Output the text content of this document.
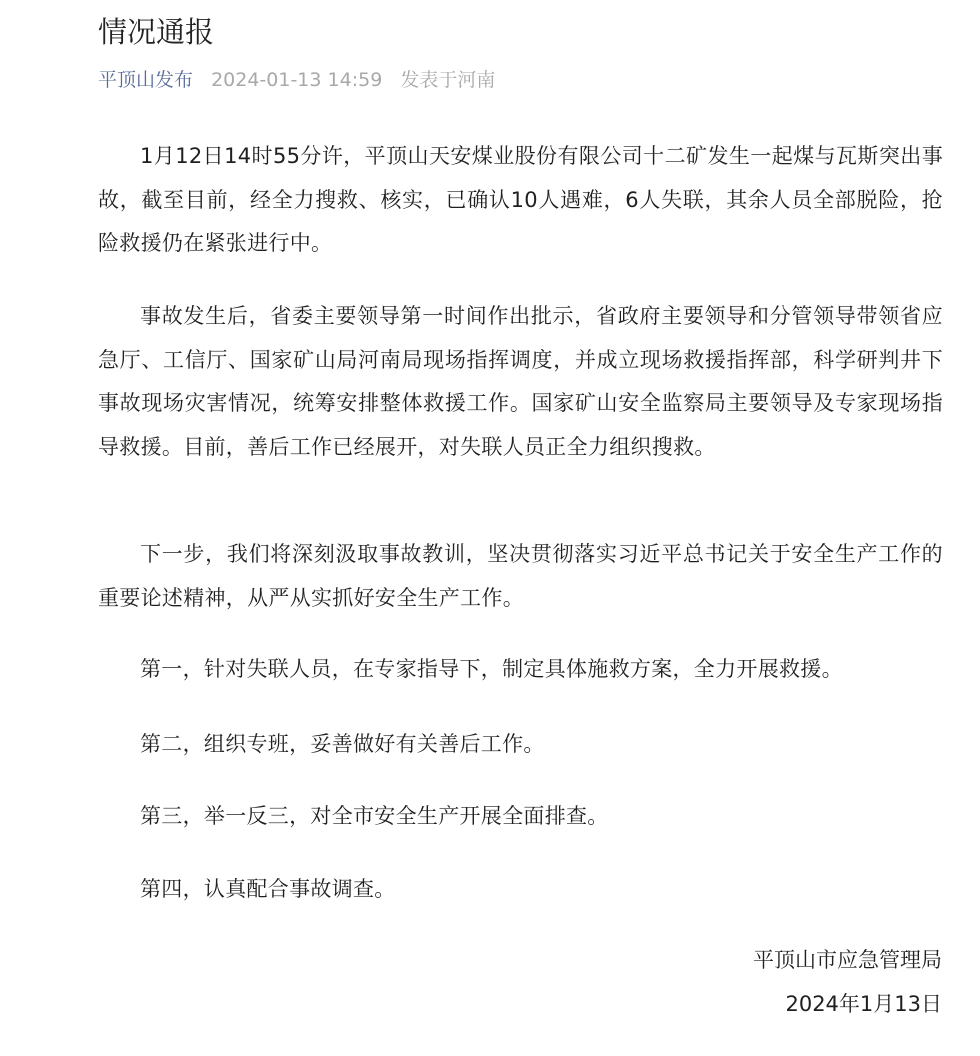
情况通报
平顶山发布 2024-01-13 14:59 发表于河南

1月12日14时55分许，平顶山天安煤业股份有限公司十二矿发生一起煤与瓦斯突出事故，截至目前，经全力搜救、核实，已确认10人遇难，6人失联，其余人员全部脱险，抢险救援仍在紧张进行中。

事故发生后，省委主要领导第一时间作出批示，省政府主要领导和分管领导带领省应急厅、工信厅、国家矿山局河南局现场指挥调度，并成立现场救援指挥部，科学研判井下事故现场灾害情况，统筹安排整体救援工作。国家矿山安全监察局主要领导及专家现场指导救援。目前，善后工作已经展开，对失联人员正全力组织搜救。

下一步，我们将深刻汲取事故教训，坚决贯彻落实习近平总书记关于安全生产工作的重要论述精神，从严从实抓好安全生产工作。

第一，针对失联人员，在专家指导下，制定具体施救方案，全力开展救援。

第二，组织专班，妥善做好有关善后工作。

第三，举一反三，对全市安全生产开展全面排查。

第四，认真配合事故调查。

平顶山市应急管理局
2024年1月13日
